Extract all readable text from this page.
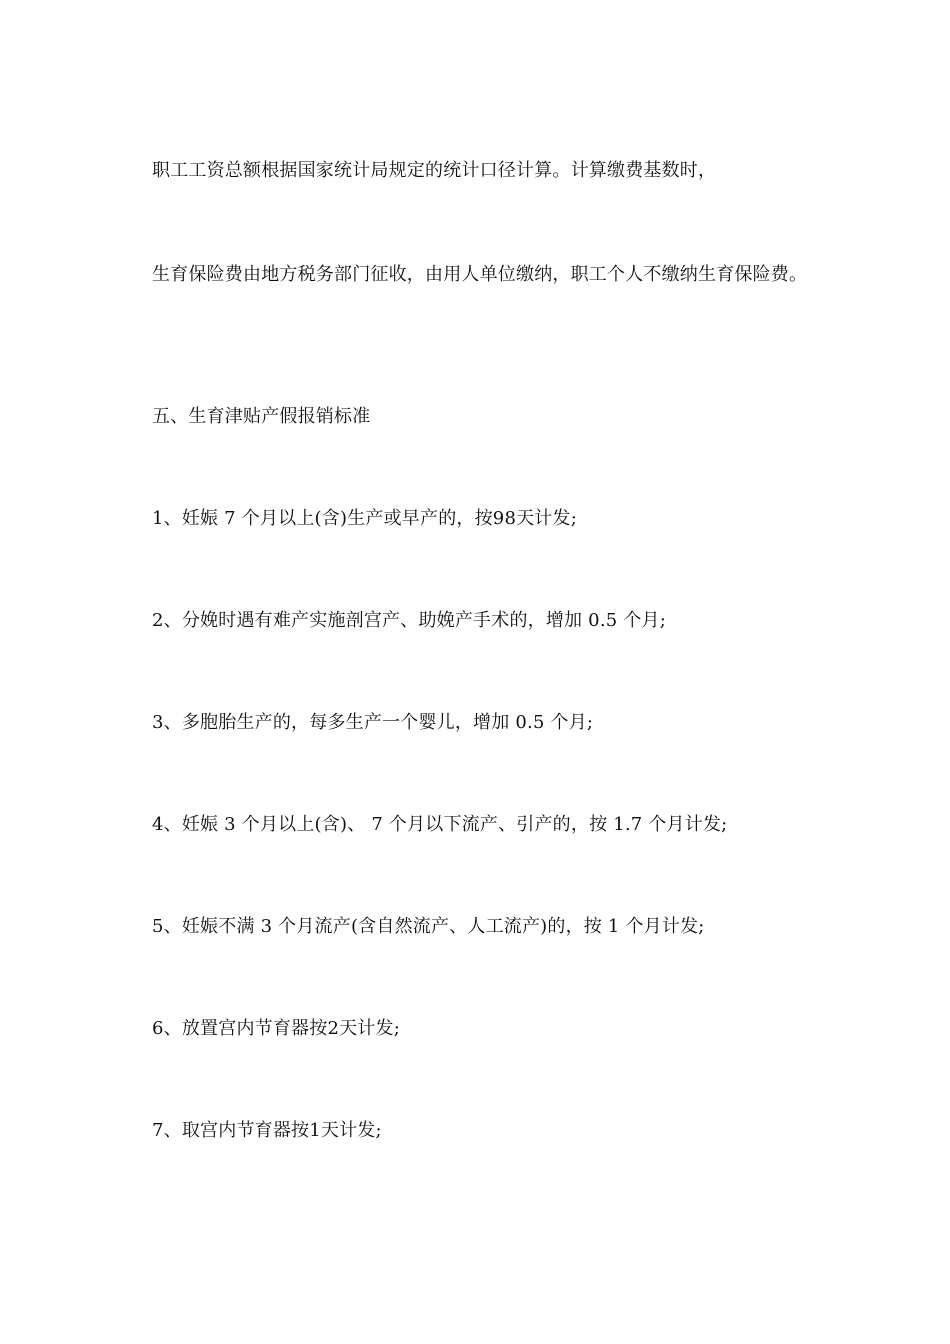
职工工资总额根据国家统计局规定的统计口径计算。计算缴费基数时，
生育保险费由地方税务部门征收，由用人单位缴纳，职工个人不缴纳生育保险费。
五、生育津贴产假报销标准
1、妊娠 7 个月以上(含)生产或早产的，按98天计发;
2、分娩时遇有难产实施剖宫产、助娩产手术的，增加 0.5 个月;
3、多胞胎生产的，每多生产一个婴儿，增加 0.5 个月;
4、妊娠 3 个月以上(含)、 7 个月以下流产、引产的，按 1.7 个月计发;
5、妊娠不满 3 个月流产(含自然流产、人工流产)的，按 1 个月计发;
6、放置宫内节育器按2天计发;
7、取宫内节育器按1天计发;
